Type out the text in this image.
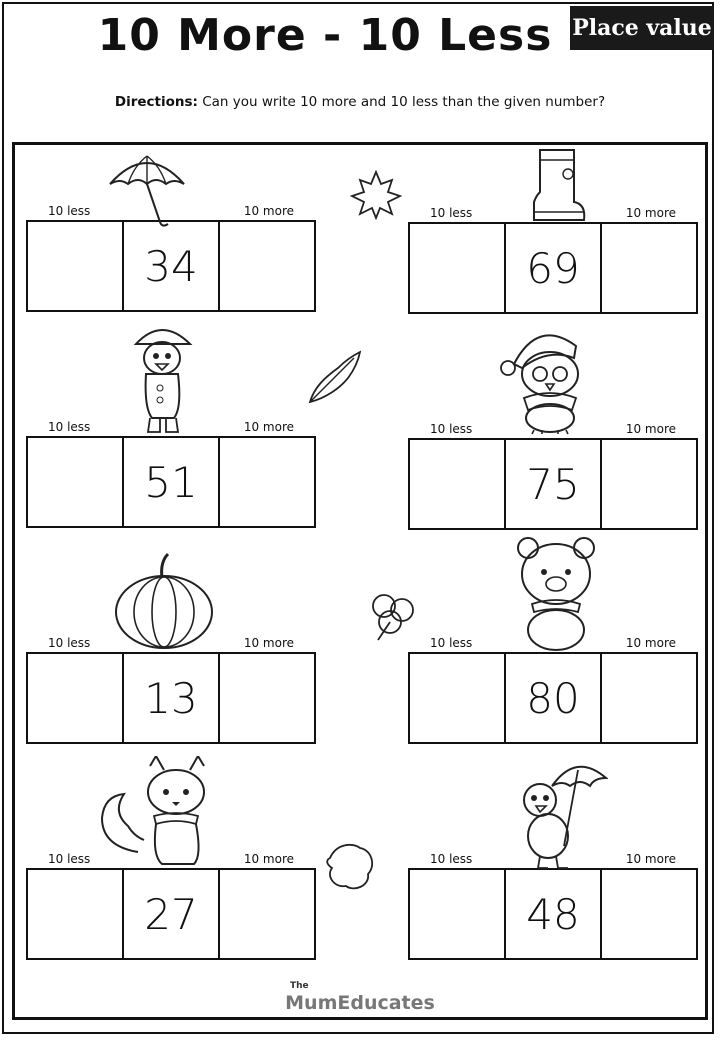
10 More - 10 Less Place value
Directions: Can you write 10 more and 10 less than the given number?
10 less	10 more
34
10 less	10 more
69
10 less	10 more
51
10 less	10 more
75
10 less	10 more
13
10 less	10 more
80
10 less	10 more
27
10 less	10 more
48
The
MumEducates
